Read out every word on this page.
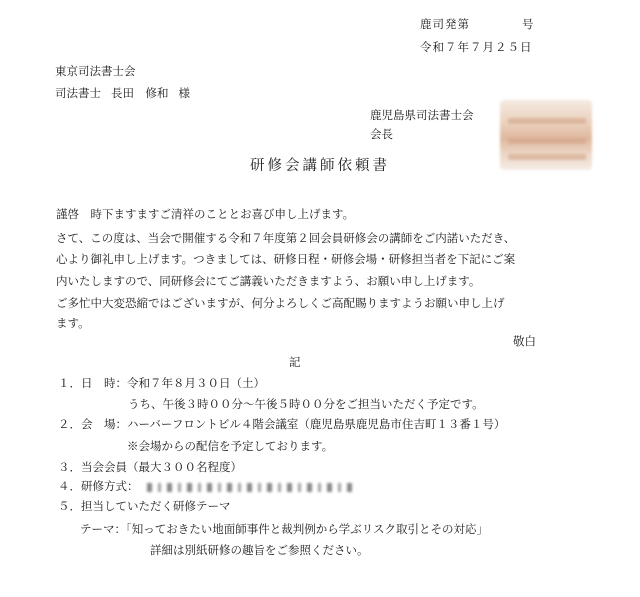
鹿司発第	号
令和７年７月２５日
東京司法書士会
司法書士 長田　修和 様
鹿児島県司法書士会
会長
研修会講師依頼書
謹啓　時下ますますご清祥のこととお喜び申し上げます。
さて、この度は、当会で開催する令和７年度第２回会員研修会の講師をご内諾いただき、
心より御礼申し上げます。つきましては、研修日程・研修会場・研修担当者を下記にご案
内いたしますので、同研修会にてご講義いただきますよう、お願い申し上げます。
ご多忙中大変恐縮ではございますが、何分よろしくご高配賜りますようお願い申し上げ
ます。
敬白
記
１．日　時：令和７年８月３０日（土）
うち、午後３時００分〜午後５時００分をご担当いただく予定です。
２．会　場：ハーバーフロントビル４階会議室（鹿児島県鹿児島市住吉町１３番１号）
※会場からの配信を予定しております。
３．当会会員（最大３００名程度）
４．研修方式：
５．担当していただく研修テーマ
テーマ：「知っておきたい地面師事件と裁判例から学ぶリスク取引とその対応」
詳細は別紙研修の趣旨をご参照ください。
